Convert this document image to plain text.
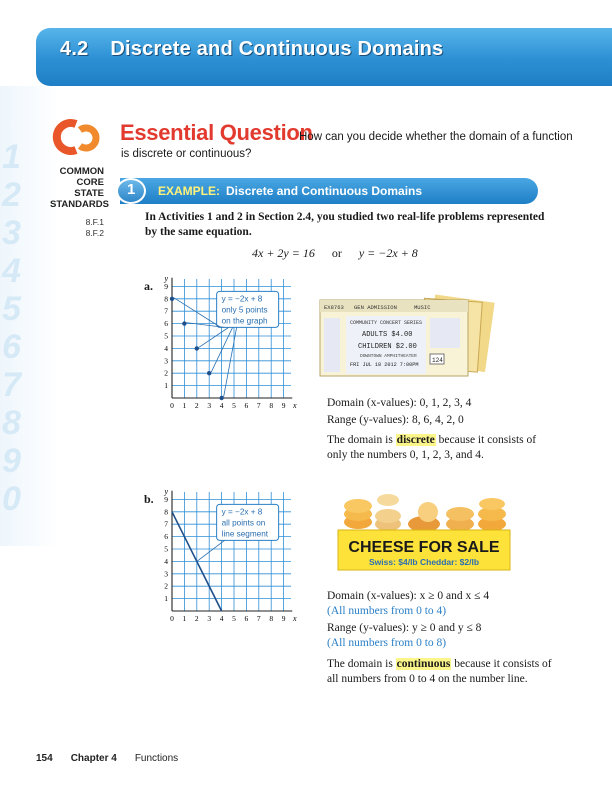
4.2 Discrete and Continuous Domains
1
2
3
4
5
6
7
8
9
0
COMMON
CORE STATE
STANDARDS
8.F.1
8.F.2
Essential Question
How can you decide whether the domain of a function is discrete or continuous?
1 EXAMPLE: Discrete and Continuous Domains
In Activities 1 and 2 in Section 2.4, you studied two real-life problems represented by the same equation.
4x + 2y = 16 or y = −2x + 8
a.
0 1
1
2
2
3
3
4
4
5
5
6
6
7
7
8
8
9
9
x
y
y = −2x + 8
only 5 points
on the graph
EX8763 GEN ADMISSION	MUSIC
COMMUNITY CONCERT SERIES
ADULTS $4.00
CHILDREN $2.00
DOWNTOWN AMPHITHEATER
FRI JUL 18 2012 7:00PM
124
Domain (x-values): 0, 1, 2, 3, 4
Range (y-values): 8, 6, 4, 2, 0
The domain is discrete because it consists of only the numbers 0, 1, 2, 3, and 4.
b.
0 1
1
2
2
3
3
4
4
5
5
6
6
7
7
8
8
9
9
x
y
y = −2x + 8
all points on
line segment
CHEESE FOR SALE
Swiss: $4/lb Cheddar: $2/lb
Domain (x-values): x ≥ 0 and x ≤ 4
(All numbers from 0 to 4)
Range (y-values): y ≥ 0 and y ≤ 8
(All numbers from 0 to 8)
The domain is continuous because it consists of all numbers from 0 to 4 on the number line.
154 Chapter 4 Functions
